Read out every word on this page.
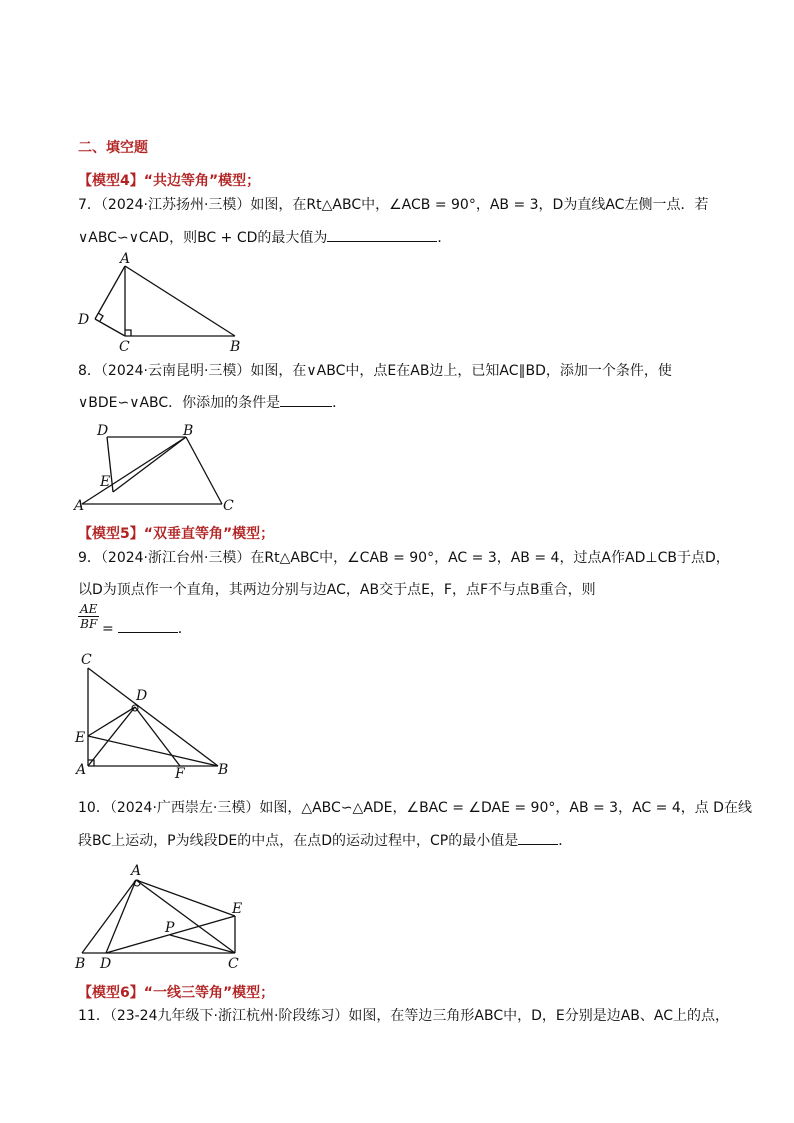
二、填空题
【模型4】“共边等角”模型；
7．（2024·江苏扬州·三模）如图，在Rt△ABC中，∠ACB = 90°，AB = 3，D为直线AC左侧一点．若
∨ABC∽∨CAD，则BC + CD的最大值为	．
A
B
C
D
8．（2024·云南昆明·三模）如图，在∨ABC中，点E在AB边上，已知AC∥BD，添加一个条件，使
∨BDE∽∨ABC．你添加的条件是	．
D	B
E
A	C
【模型5】“双垂直等角”模型；
9．（2024·浙江台州·三模）在Rt△ABC中，∠CAB = 90°，AC = 3，AB = 4，过点A作AD⊥CB于点D，
以D为顶点作一个直角，其两边分别与边AC，AB交于点E，F，点F不与点B重合，则
$\frac{AE}{BF}$ =	．
C
D
E
A	F B
10．（2024·广西崇左·三模）如图，△ABC∽△ADE，∠BAC = ∠DAE = 90°，AB = 3，AC = 4，点 D在线
段BC上运动，P为线段DE的中点，在点D的运动过程中，CP的最小值是	．
A
E
P
B D	C
【模型6】“一线三等角”模型；
11．（23-24九年级下·浙江杭州·阶段练习）如图，在等边三角形ABC中，D，E分别是边AB、AC上的点，
